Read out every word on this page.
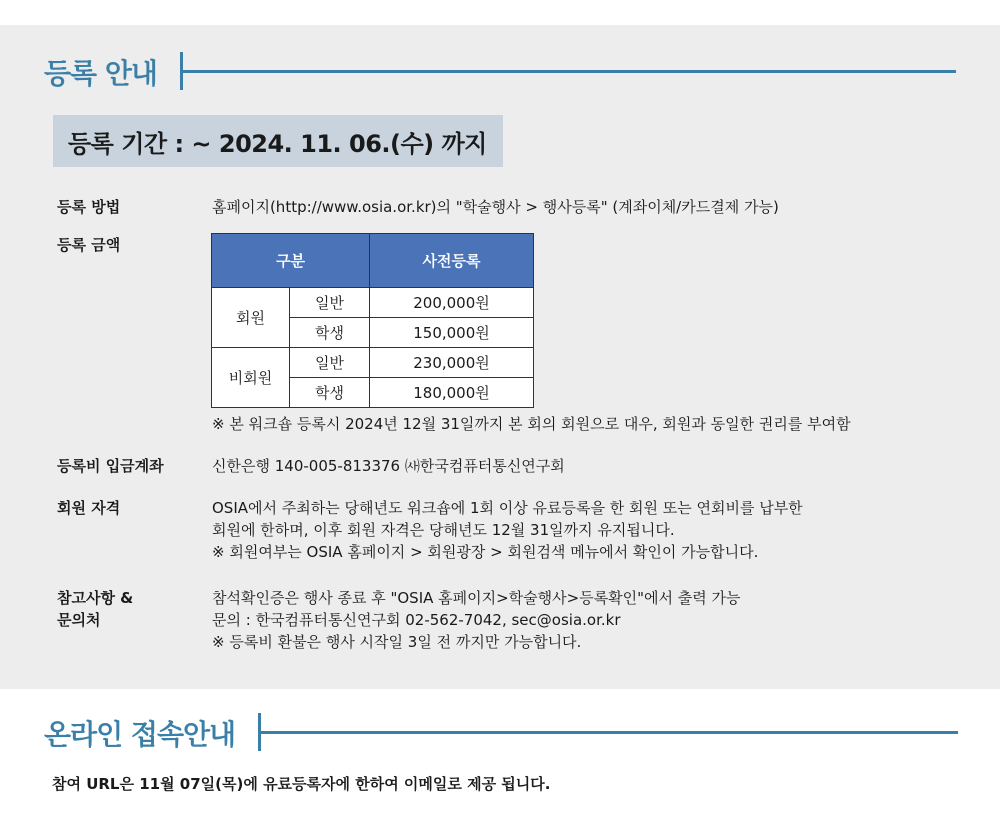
등록 안내
등록 기간 : ~ 2024. 11. 06.(수) 까지
등록 방법	홈페이지(http://www.osia.or.kr)의 "학술행사 > 행사등록" (계좌이체/카드결제 가능)
등록 금액
구분		사전등록
회원	일반	200,000원
	학생	150,000원
비회원	일반	230,000원
	학생	180,000원
※ 본 워크숍 등록시 2024년 12월 31일까지 본 회의 회원으로 대우, 회원과 동일한 권리를 부여함
등록비 입금계좌	신한은행 140-005-813376 ㈔한국컴퓨터통신연구회
회원 자격	OSIA에서 주최하는 당해년도 워크숍에 1회 이상 유료등록을 한 회원 또는 연회비를 납부한
회원에 한하며, 이후 회원 자격은 당해년도 12월 31일까지 유지됩니다.
※ 회원여부는 OSIA 홈페이지 > 회원광장 > 회원검색 메뉴에서 확인이 가능합니다.
참고사항 &
문의처
참석확인증은 행사 종료 후 "OSIA 홈페이지>학술행사>등록확인"에서 출력 가능
문의 : 한국컴퓨터통신연구회 02-562-7042, sec@osia.or.kr
※ 등록비 환불은 행사 시작일 3일 전 까지만 가능합니다.
온라인 접속안내
참여 URL은 11월 07일(목)에 유료등록자에 한하여 이메일로 제공 됩니다.
